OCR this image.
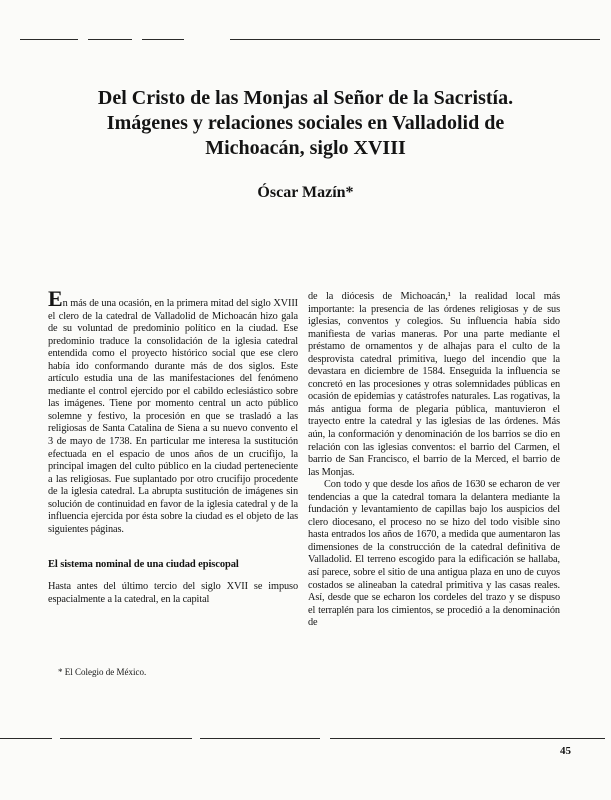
Del Cristo de las Monjas al Señor de la Sacristía.
Imágenes y relaciones sociales en Valladolid de
Michoacán, siglo XVIII

Óscar Mazín*

En más de una ocasión, en la primera mitad del siglo XVIII el clero de la catedral de Valladolid de Michoacán hizo gala de su voluntad de predominio político en la ciudad. Ese predominio traduce la consolidación de la iglesia catedral entendida como el proyecto histórico social que ese clero había ido conformando durante más de dos siglos. Este artículo estudia una de las manifestaciones del fenómeno mediante el control ejercido por el cabildo eclesiástico sobre las imágenes. Tiene por momento central un acto público solemne y festivo, la procesión en que se trasladó a las religiosas de Santa Catalina de Siena a su nuevo convento el 3 de mayo de 1738. En particular me interesa la sustitución efectuada en el espacio de unos años de un crucifijo, la principal imagen del culto público en la ciudad perteneciente a las religiosas. Fue suplantado por otro crucifijo procedente de la iglesia catedral. La abrupta sustitución de imágenes sin solución de continuidad en favor de la iglesia catedral y de la influencia ejercida por ésta sobre la ciudad es el objeto de las siguientes páginas.

El sistema nominal de una ciudad episcopal

Hasta antes del último tercio del siglo XVII se impuso espacialmente a la catedral, en la capital

de la diócesis de Michoacán,¹ la realidad local más importante: la presencia de las órdenes religiosas y de sus iglesias, conventos y colegios. Su influencia había sido manifiesta de varias maneras. Por una parte mediante el préstamo de ornamentos y de alhajas para el culto de la desprovista catedral primitiva, luego del incendio que la devastara en diciembre de 1584. Enseguida la influencia se concretó en las procesiones y otras solemnidades públicas en ocasión de epidemias y catástrofes naturales. Las rogativas, la más antigua forma de plegaria pública, mantuvieron el trayecto entre la catedral y las iglesias de las órdenes. Más aún, la conformación y denominación de los barrios se dio en relación con las iglesias conventos: el barrio del Carmen, el barrio de San Francisco, el barrio de la Merced, el barrio de las Monjas.

Con todo y que desde los años de 1630 se echaron de ver tendencias a que la catedral tomara la delantera mediante la fundación y levantamiento de capillas bajo los auspicios del clero diocesano, el proceso no se hizo del todo visible sino hasta entrados los años de 1670, a medida que aumentaron las dimensiones de la construcción de la catedral definitiva de Valladolid. El terreno escogido para la edificación se hallaba, así parece, sobre el sitio de una antigua plaza en uno de cuyos costados se alineaban la catedral primitiva y las casas reales. Así, desde que se echaron los cordeles del trazo y se dispuso el terraplén para los cimientos, se procedió a la denominación de

* El Colegio de México.

45
